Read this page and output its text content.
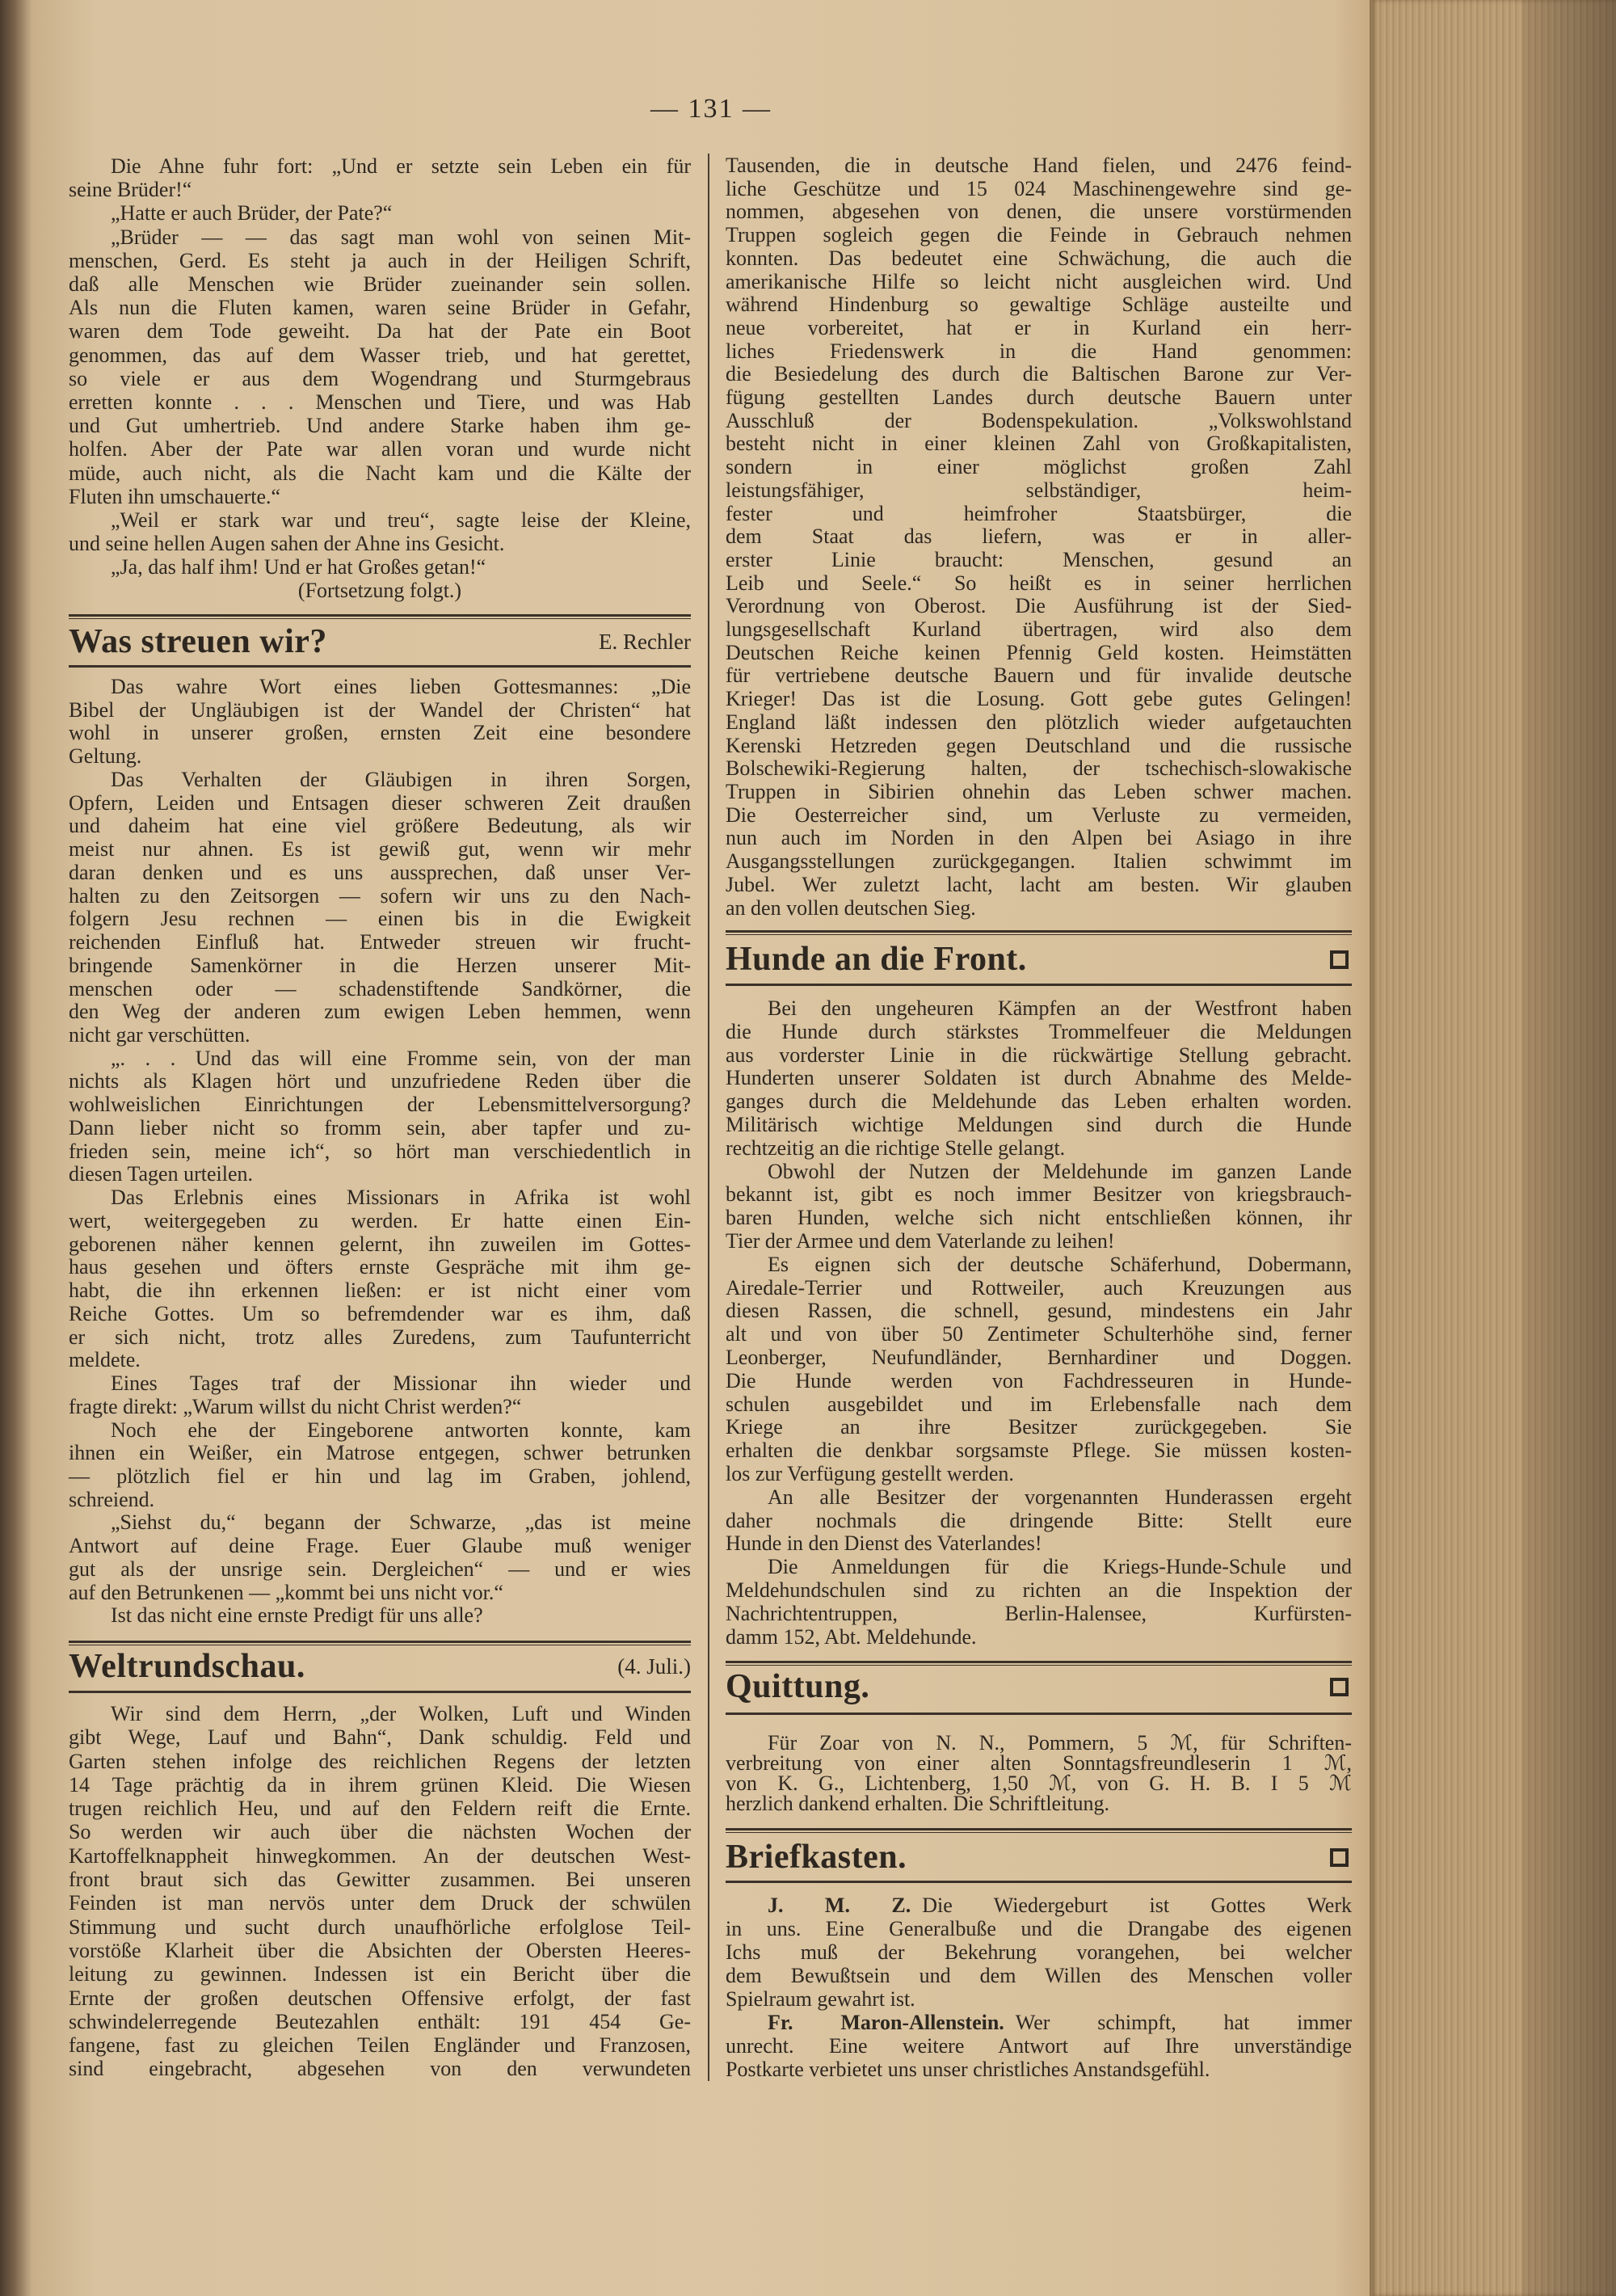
— 131 —
Die Ahne fuhr fort: „Und er setzte sein Leben ein für
seine Brüder!“
„Hatte er auch Brüder, der Pate?“
„Brüder — — das sagt man wohl von seinen Mit-
menschen, Gerd. Es steht ja auch in der Heiligen Schrift,
daß alle Menschen wie Brüder zueinander sein sollen.
Als nun die Fluten kamen, waren seine Brüder in Gefahr,
waren dem Tode geweiht. Da hat der Pate ein Boot
genommen, das auf dem Wasser trieb, und hat gerettet,
so viele er aus dem Wogendrang und Sturmgebraus
erretten konnte . . . Menschen und Tiere, und was Hab
und Gut umhertrieb. Und andere Starke haben ihm ge-
holfen. Aber der Pate war allen voran und wurde nicht
müde, auch nicht, als die Nacht kam und die Kälte der
Fluten ihn umschauerte.“
„Weil er stark war und treu“, sagte leise der Kleine,
und seine hellen Augen sahen der Ahne ins Gesicht.
„Ja, das half ihm! Und er hat Großes getan!“
(Fortsetzung folgt.)
Was streuen wir?	E. Rechler
Das wahre Wort eines lieben Gottesmannes: „Die
Bibel der Ungläubigen ist der Wandel der Christen“ hat
wohl in unserer großen, ernsten Zeit eine besondere
Geltung.
Das Verhalten der Gläubigen in ihren Sorgen,
Opfern, Leiden und Entsagen dieser schweren Zeit draußen
und daheim hat eine viel größere Bedeutung, als wir
meist nur ahnen. Es ist gewiß gut, wenn wir mehr
daran denken und es uns aussprechen, daß unser Ver-
halten zu den Zeitsorgen — sofern wir uns zu den Nach-
folgern Jesu rechnen — einen bis in die Ewigkeit
reichenden Einfluß hat. Entweder streuen wir frucht-
bringende Samenkörner in die Herzen unserer Mit-
menschen oder — schadenstiftende Sandkörner, die
den Weg der anderen zum ewigen Leben hemmen, wenn
nicht gar verschütten.
„. . . Und das will eine Fromme sein, von der man
nichts als Klagen hört und unzufriedene Reden über die
wohlweislichen Einrichtungen der Lebensmittelversorgung?
Dann lieber nicht so fromm sein, aber tapfer und zu-
frieden sein, meine ich“, so hört man verschiedentlich in
diesen Tagen urteilen.
Das Erlebnis eines Missionars in Afrika ist wohl
wert, weitergegeben zu werden. Er hatte einen Ein-
geborenen näher kennen gelernt, ihn zuweilen im Gottes-
haus gesehen und öfters ernste Gespräche mit ihm ge-
habt, die ihn erkennen ließen: er ist nicht einer vom
Reiche Gottes. Um so befremdender war es ihm, daß
er sich nicht, trotz alles Zuredens, zum Taufunterricht
meldete.
Eines Tages traf der Missionar ihn wieder und
fragte direkt: „Warum willst du nicht Christ werden?“
Noch ehe der Eingeborene antworten konnte, kam
ihnen ein Weißer, ein Matrose entgegen, schwer betrunken
— plötzlich fiel er hin und lag im Graben, johlend,
schreiend.
„Siehst du,“ begann der Schwarze, „das ist meine
Antwort auf deine Frage. Euer Glaube muß weniger
gut als der unsrige sein. Dergleichen“ — und er wies
auf den Betrunkenen — „kommt bei uns nicht vor.“
Ist das nicht eine ernste Predigt für uns alle?
Weltrundschau.	(4. Juli.)
Wir sind dem Herrn, „der Wolken, Luft und Winden
gibt Wege, Lauf und Bahn“, Dank schuldig. Feld und
Garten stehen infolge des reichlichen Regens der letzten
14 Tage prächtig da in ihrem grünen Kleid. Die Wiesen
trugen reichlich Heu, und auf den Feldern reift die Ernte.
So werden wir auch über die nächsten Wochen der
Kartoffelknappheit hinwegkommen. An der deutschen West-
front braut sich das Gewitter zusammen. Bei unseren
Feinden ist man nervös unter dem Druck der schwülen
Stimmung und sucht durch unaufhörliche erfolglose Teil-
vorstöße Klarheit über die Absichten der Obersten Heeres-
leitung zu gewinnen. Indessen ist ein Bericht über die
Ernte der großen deutschen Offensive erfolgt, der fast
schwindelerregende Beutezahlen enthält: 191 454 Ge-
fangene, fast zu gleichen Teilen Engländer und Franzosen,
sind eingebracht, abgesehen von den verwundeten
Tausenden, die in deutsche Hand fielen, und 2476 feind-
liche Geschütze und 15 024 Maschinengewehre sind ge-
nommen, abgesehen von denen, die unsere vorstürmenden
Truppen sogleich gegen die Feinde in Gebrauch nehmen
konnten. Das bedeutet eine Schwächung, die auch die
amerikanische Hilfe so leicht nicht ausgleichen wird. Und
während Hindenburg so gewaltige Schläge austeilte und
neue vorbereitet, hat er in Kurland ein herr-
liches Friedenswerk in die Hand genommen:
die Besiedelung des durch die Baltischen Barone zur Ver-
fügung gestellten Landes durch deutsche Bauern unter
Ausschluß der Bodenspekulation. „Volkswohlstand
besteht nicht in einer kleinen Zahl von Großkapitalisten,
sondern in einer möglichst großen Zahl
leistungsfähiger, selbständiger, heim-
fester und heimfroher Staatsbürger, die
dem Staat das liefern, was er in aller-
erster Linie braucht: Menschen, gesund an
Leib und Seele.“ So heißt es in seiner herrlichen
Verordnung von Oberost. Die Ausführung ist der Sied-
lungsgesellschaft Kurland übertragen, wird also dem
Deutschen Reiche keinen Pfennig Geld kosten. Heimstätten
für vertriebene deutsche Bauern und für invalide deutsche
Krieger! Das ist die Losung. Gott gebe gutes Gelingen!
England läßt indessen den plötzlich wieder aufgetauchten
Kerenski Hetzreden gegen Deutschland und die russische
Bolschewiki-Regierung halten, der tschechisch-slowakische
Truppen in Sibirien ohnehin das Leben schwer machen.
Die Oesterreicher sind, um Verluste zu vermeiden,
nun auch im Norden in den Alpen bei Asiago in ihre
Ausgangsstellungen zurückgegangen. Italien schwimmt im
Jubel. Wer zuletzt lacht, lacht am besten. Wir glauben
an den vollen deutschen Sieg.
Hunde an die Front.
Bei den ungeheuren Kämpfen an der Westfront haben
die Hunde durch stärkstes Trommelfeuer die Meldungen
aus vorderster Linie in die rückwärtige Stellung gebracht.
Hunderten unserer Soldaten ist durch Abnahme des Melde-
ganges durch die Meldehunde das Leben erhalten worden.
Militärisch wichtige Meldungen sind durch die Hunde
rechtzeitig an die richtige Stelle gelangt.
Obwohl der Nutzen der Meldehunde im ganzen Lande
bekannt ist, gibt es noch immer Besitzer von kriegsbrauch-
baren Hunden, welche sich nicht entschließen können, ihr
Tier der Armee und dem Vaterlande zu leihen!
Es eignen sich der deutsche Schäferhund, Dobermann,
Airedale-Terrier und Rottweiler, auch Kreuzungen aus
diesen Rassen, die schnell, gesund, mindestens ein Jahr
alt und von über 50 Zentimeter Schulterhöhe sind, ferner
Leonberger, Neufundländer, Bernhardiner und Doggen.
Die Hunde werden von Fachdresseuren in Hunde-
schulen ausgebildet und im Erlebensfalle nach dem
Kriege an ihre Besitzer zurückgegeben. Sie
erhalten die denkbar sorgsamste Pflege. Sie müssen kosten-
los zur Verfügung gestellt werden.
An alle Besitzer der vorgenannten Hunderassen ergeht
daher nochmals die dringende Bitte: Stellt eure
Hunde in den Dienst des Vaterlandes!
Die Anmeldungen für die Kriegs-Hunde-Schule und
Meldehundschulen sind zu richten an die Inspektion der
Nachrichtentruppen, Berlin-Halensee, Kurfürsten-
damm 152, Abt. Meldehunde.
Quittung.
Für Zoar von N. N., Pommern, 5 ℳ, für Schriften-
verbreitung von einer alten Sonntagsfreundleserin 1 ℳ,
von K. G., Lichtenberg, 1,50 ℳ, von G. H. B. I 5 ℳ
herzlich dankend erhalten. Die Schriftleitung.
Briefkasten.
J. M. Z. Die Wiedergeburt ist Gottes Werk
in uns. Eine Generalbuße und die Drangabe des eigenen
Ichs muß der Bekehrung vorangehen, bei welcher
dem Bewußtsein und dem Willen des Menschen voller
Spielraum gewahrt ist.
Fr. Maron-Allenstein. Wer schimpft, hat immer
unrecht. Eine weitere Antwort auf Ihre unverständige
Postkarte verbietet uns unser christliches Anstandsgefühl.
